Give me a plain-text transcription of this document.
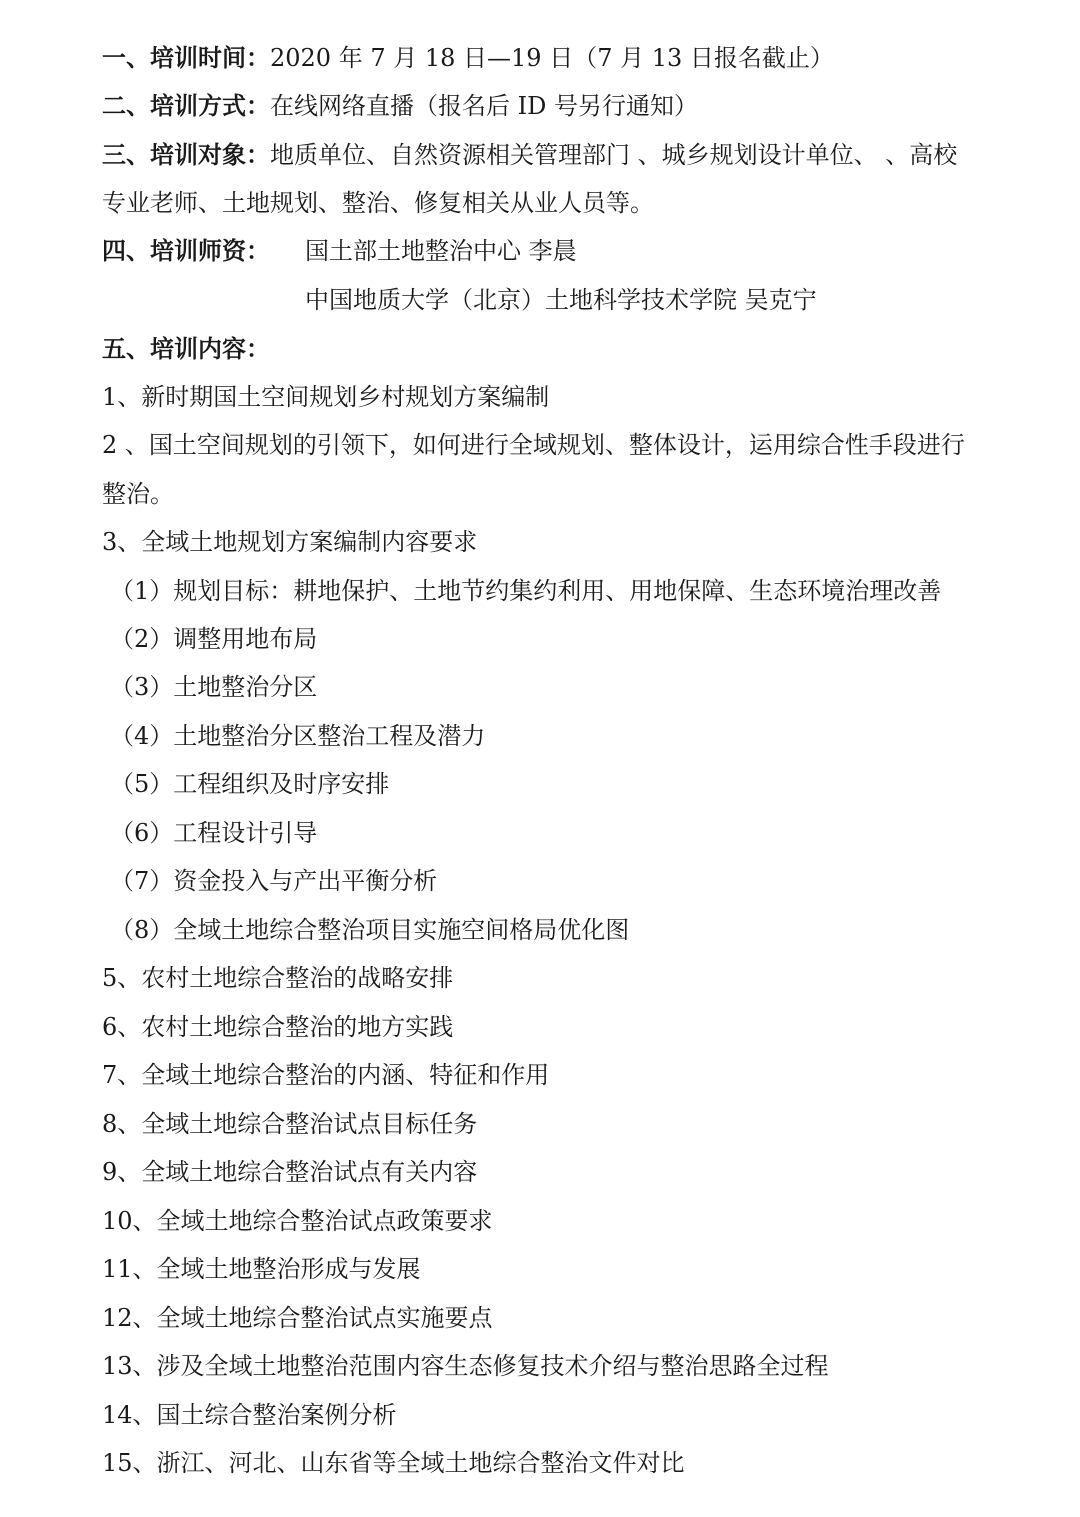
一、培训时间：2020 年 7 月 18 日—19 日（7 月 13 日报名截止）
二、培训方式：在线网络直播（报名后 ID 号另行通知）
三、培训对象：地质单位、自然资源相关管理部门 、城乡规划设计单位、 、高校
专业老师、土地规划、整治、修复相关从业人员等。
四、培训师资： 国土部土地整治中心 李晨
中国地质大学（北京）土地科学技术学院 吴克宁
五、培训内容：
1、新时期国土空间规划乡村规划方案编制
2 、国土空间规划的引领下，如何进行全域规划、整体设计，运用综合性手段进行
整治。
3、全域土地规划方案编制内容要求
（1）规划目标：耕地保护、土地节约集约利用、用地保障、生态环境治理改善
（2）调整用地布局
（3）土地整治分区
（4）土地整治分区整治工程及潜力
（5）工程组织及时序安排
（6）工程设计引导
（7）资金投入与产出平衡分析
（8）全域土地综合整治项目实施空间格局优化图
5、农村土地综合整治的战略安排
6、农村土地综合整治的地方实践
7、全域土地综合整治的内涵、特征和作用
8、全域土地综合整治试点目标任务
9、全域土地综合整治试点有关内容
10、全域土地综合整治试点政策要求
11、全域土地整治形成与发展
12、全域土地综合整治试点实施要点
13、涉及全域土地整治范围内容生态修复技术介绍与整治思路全过程
14、国土综合整治案例分析
15、浙江、河北、山东省等全域土地综合整治文件对比
